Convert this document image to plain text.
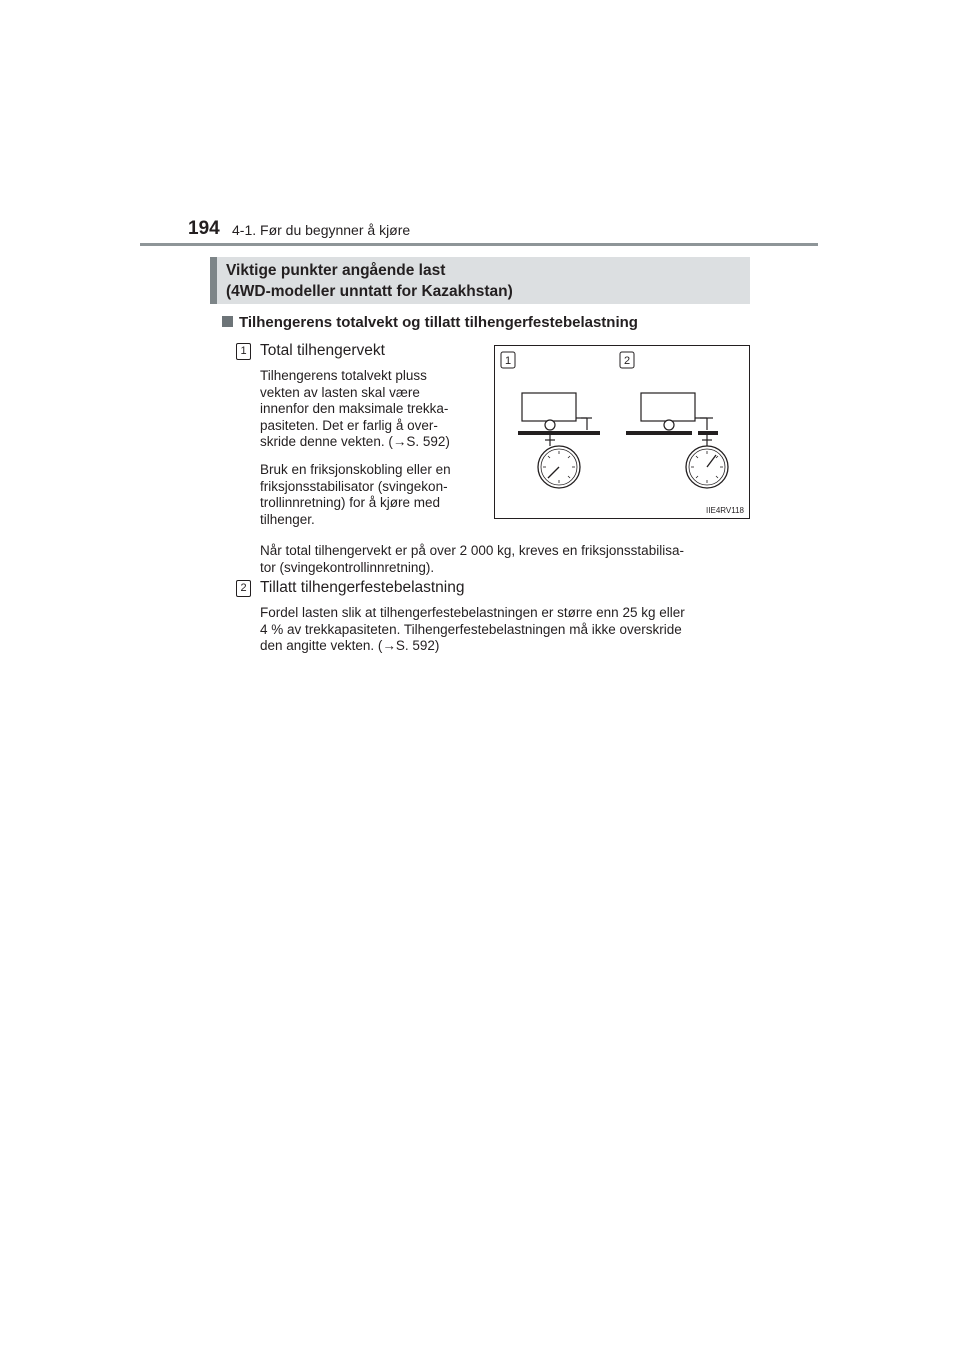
194 4-1. Før du begynner å kjøre
Viktige punkter angående last
(4WD-modeller unntatt for Kazakhstan)
Tilhengerens totalvekt og tillatt tilhengerfestebelastning
1 Total tilhengervekt
Tilhengerens totalvekt pluss
vekten av lasten skal være
innenfor den maksimale trekka-
pasiteten. Det er farlig å over-
skride denne vekten. (→S. 592)
Bruk en friksjonskobling eller en
friksjonsstabilisator (svingekon-
trollinnretning) for å kjøre med
tilhenger.
Når total tilhengervekt er på over 2 000 kg, kreves en friksjonsstabilisa-
tor (svingekontrollinnretning).
2 Tillatt tilhengerfestebelastning
Fordel lasten slik at tilhengerfestebelastningen er større enn 25 kg eller
4 % av trekkapasiteten. Tilhengerfestebelastningen må ikke overskride
den angitte vekten. (→S. 592)
1	2
IIE4RV118
